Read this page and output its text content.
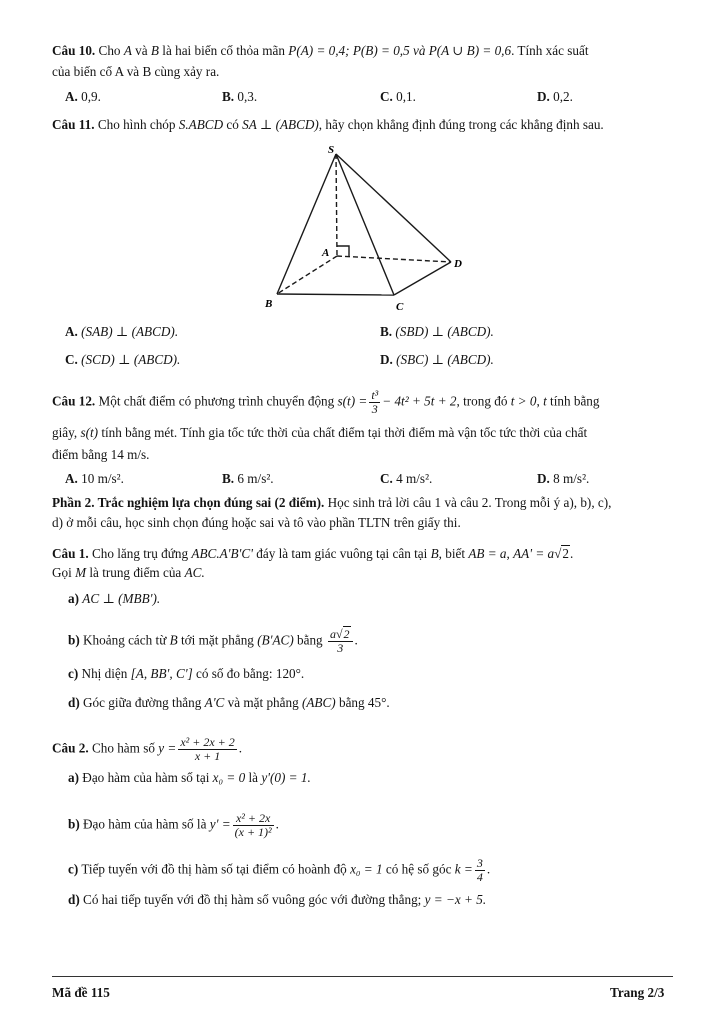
Câu 10. Cho A và B là hai biến cố thỏa mãn P(A) = 0,4; P(B) = 0,5 và P(A ∪ B) = 0,6. Tính xác suất
của biến cố A và B cùng xảy ra.
A. 0,9.	B. 0,3.	C. 0,1.	D. 0,2.
Câu 11. Cho hình chóp S.ABCD có SA ⊥ (ABCD), hãy chọn khẳng định đúng trong các khẳng định sau.
S
A
B	C
D
A. (SAB) ⊥ (ABCD).	B. (SBD) ⊥ (ABCD).
C. (SCD) ⊥ (ABCD).	D. (SBC) ⊥ (ABCD).
Câu 12. Một chất điểm có phương trình chuyển động $s(t) = \frac{\text{t³}}{3} - 4t^2 + 5t + 2$, trong đó t > 0, t tính bằng
giây, s(t) tính bằng mét. Tính gia tốc tức thời của chất điểm tại thời điểm mà vận tốc tức thời của chất
điểm bằng 14 m/s.
A. 10 m/s².	B. 6 m/s².	C. 4 m/s².	D. 8 m/s².
Phần 2. Trắc nghiệm lựa chọn đúng sai (2 điểm). Học sinh trả lời câu 1 và câu 2. Trong mỗi ý a), b), c),
d) ở mỗi câu, học sinh chọn đúng hoặc sai và tô vào phần TLTN trên giấy thi.
Câu 1. Cho lăng trụ đứng ABC.A'B'C' đáy là tam giác vuông tại cân tại B, biết AB = a, AA' = a√2.
Gọi M là trung điểm của AC.
a) AC ⊥ (MBB').
b) Khoảng cách từ B tới mặt phẳng (B'AC) bằng $\frac{a√2}{3}$ .
c) Nhị diện [A, BB', C'] có số đo bằng: 120°.
d) Góc giữa đường thẳng A'C và mặt phẳng (ABC) bằng 45°.
Câu 2. Cho hàm số $y = \frac{\text{x² + 2x + 2}}{x + 1}$ .
a) Đạo hàm của hàm số tại x₀ = 0 là y'(0) = 1.
b) Đạo hàm của hàm số là $y' = \frac{\text{x² + 2x}}{\text{(x + 1)²}}$ .
c) Tiếp tuyến với đồ thị hàm số tại điểm có hoành độ x₀ = 1 có hệ số góc $k = \frac{3}{4}$ .
d) Có hai tiếp tuyến với đồ thị hàm số vuông góc với đường thẳng; y = −x + 5.
Mã đề 115	Trang 2/3
